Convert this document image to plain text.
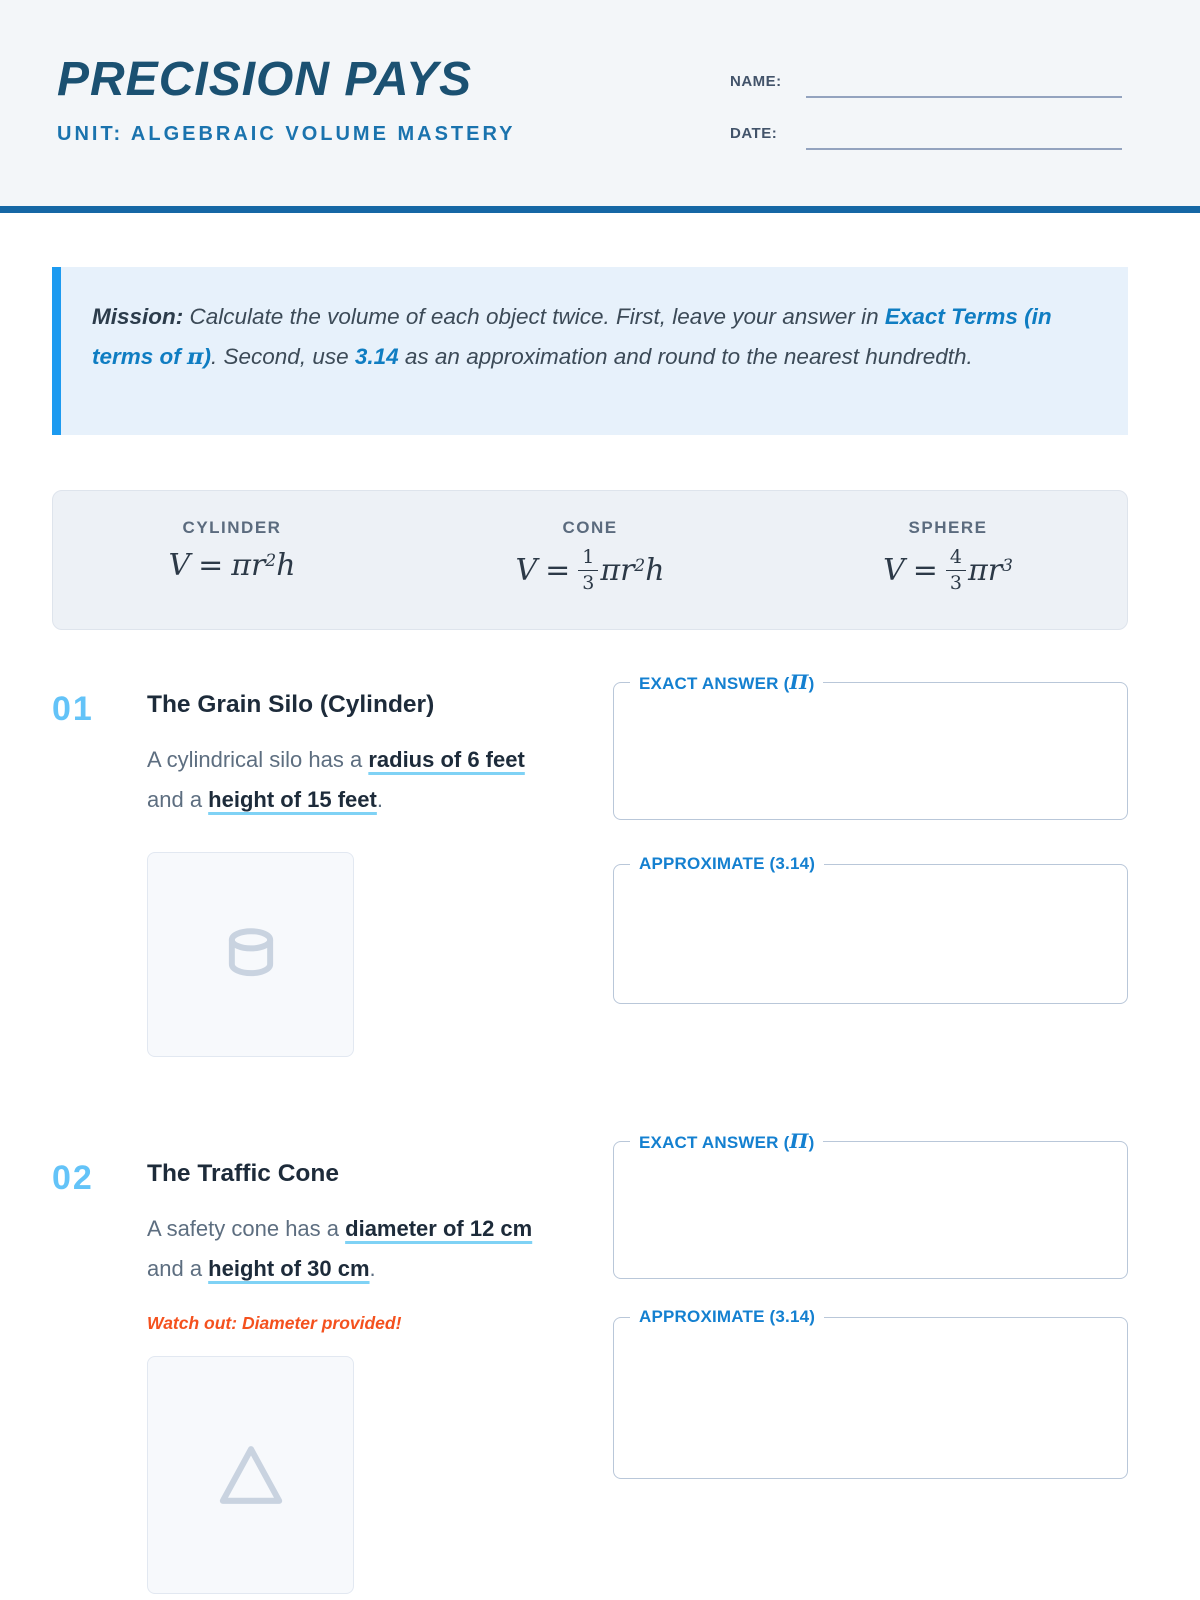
PRECISION PAYS
UNIT: ALGEBRAIC VOLUME MASTERY
NAME:
DATE:
Mission: Calculate the volume of each object twice. First, leave your answer in Exact Terms (in terms of π). Second, use 3.14 as an approximation and round to the nearest hundredth.
CYLINDER
$V = \pi r^2h$
CONE
$V = \frac{1}{3} \pi r^2h$
SPHERE
$V = \frac{4}{3} \pi r^3$
01	The Grain Silo (Cylinder)
A cylindrical silo has a radius of 6 feet and a height of 15 feet.
EXACT ANSWER (Π)
APPROXIMATE (3.14)
02	The Traffic Cone
A safety cone has a diameter of 12 cm and a height of 30 cm.
Watch out: Diameter provided!
EXACT ANSWER (Π)
APPROXIMATE (3.14)
